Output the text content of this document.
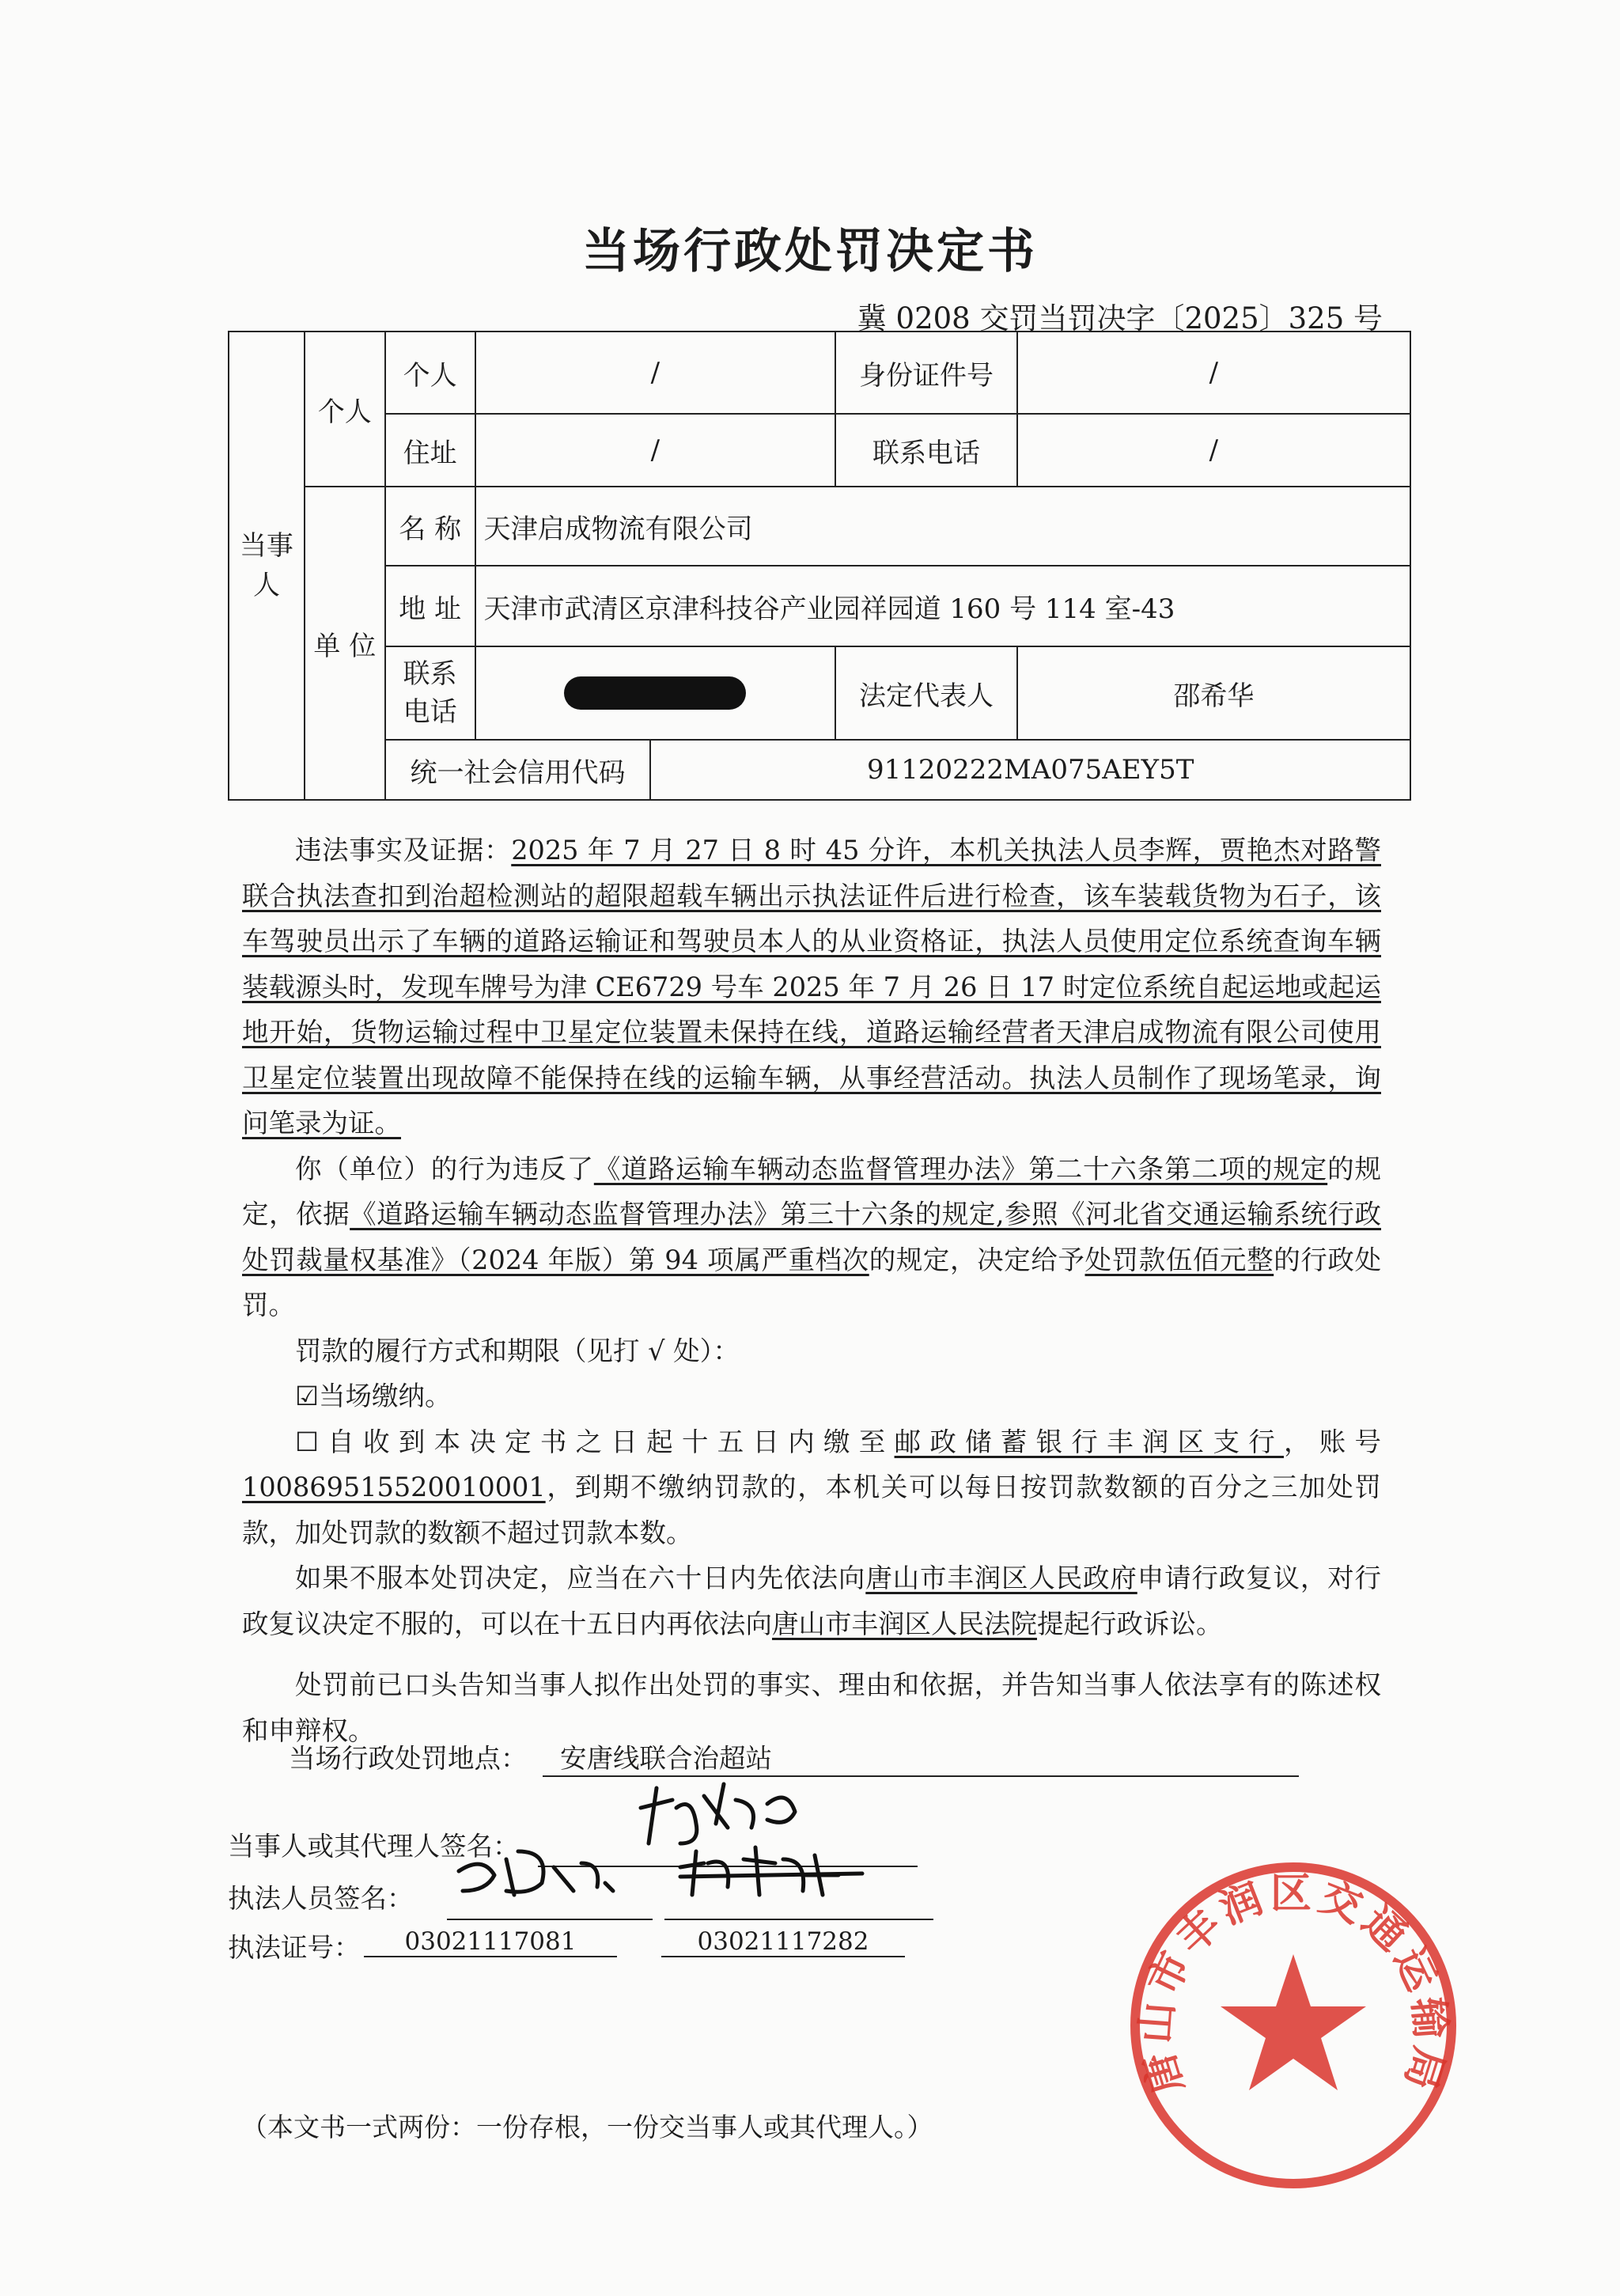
当场行政处罚决定书
冀 0208 交罚当罚决字〔2025〕325 号
当事人	个人	个人	/		身份证件号	/
		住址	/		联系电话	/
	单 位	名 称	天津启成物流有限公司			
		地 址	天津市武清区京津科技谷产业园祥园道 160 号 114 室-43			
		联系电话			法定代表人	邵希华
		统一社会信用代码		91120222MA075AEY5T		

违法事实及证据：2025 年 7 月 27 日 8 时 45 分许，本机关执法人员李辉，贾艳杰对路警联合执法查扣到治超检测站的超限超载车辆出示执法证件后进行检查，该车装载货物为石子，该车驾驶员出示了车辆的道路运输证和驾驶员本人的从业资格证，执法人员使用定位系统查询车辆装载源头时，发现车牌号为津 CE6729 号车 2025 年 7 月 26 日 17 时定位系统自起运地或起运地开始，货物运输过程中卫星定位装置未保持在线，道路运输经营者天津启成物流有限公司使用卫星定位装置出现故障不能保持在线的运输车辆，从事经营活动。执法人员制作了现场笔录，询问笔录为证。

你（单位）的行为违反了《道路运输车辆动态监督管理办法》第二十六条第二项的规定的规定，依据《道路运输车辆动态监督管理办法》第三十六条的规定,参照《河北省交通运输系统行政处罚裁量权基准》（2024 年版）第 94 项属严重档次的规定，决定给予处罚款伍佰元整的行政处罚。

罚款的履行方式和期限（见打 √ 处）：

☑当场缴纳。

☐自收到本决定书之日起十五日内缴至邮政储蓄银行丰润区支行，账号100869515520010001，到期不缴纳罚款的，本机关可以每日按罚款数额的百分之三加处罚款，加处罚款的数额不超过罚款本数。

如果不服本处罚决定，应当在六十日内先依法向唐山市丰润区人民政府申请行政复议，对行政复议决定不服的，可以在十五日内再依法向唐山市丰润区人民法院提起行政诉讼。

处罚前已口头告知当事人拟作出处罚的事实、理由和依据，并告知当事人依法享有的陈述权和申辩权。

当场行政处罚地点：	安唐线联合治超站
当事人或其代理人签名：
执法人员签名：
执法证号：	03021117081	03021117282
（本文书一式两份：一份存根，一份交当事人或其代理人。）
唐山市丰润区交通运输局
